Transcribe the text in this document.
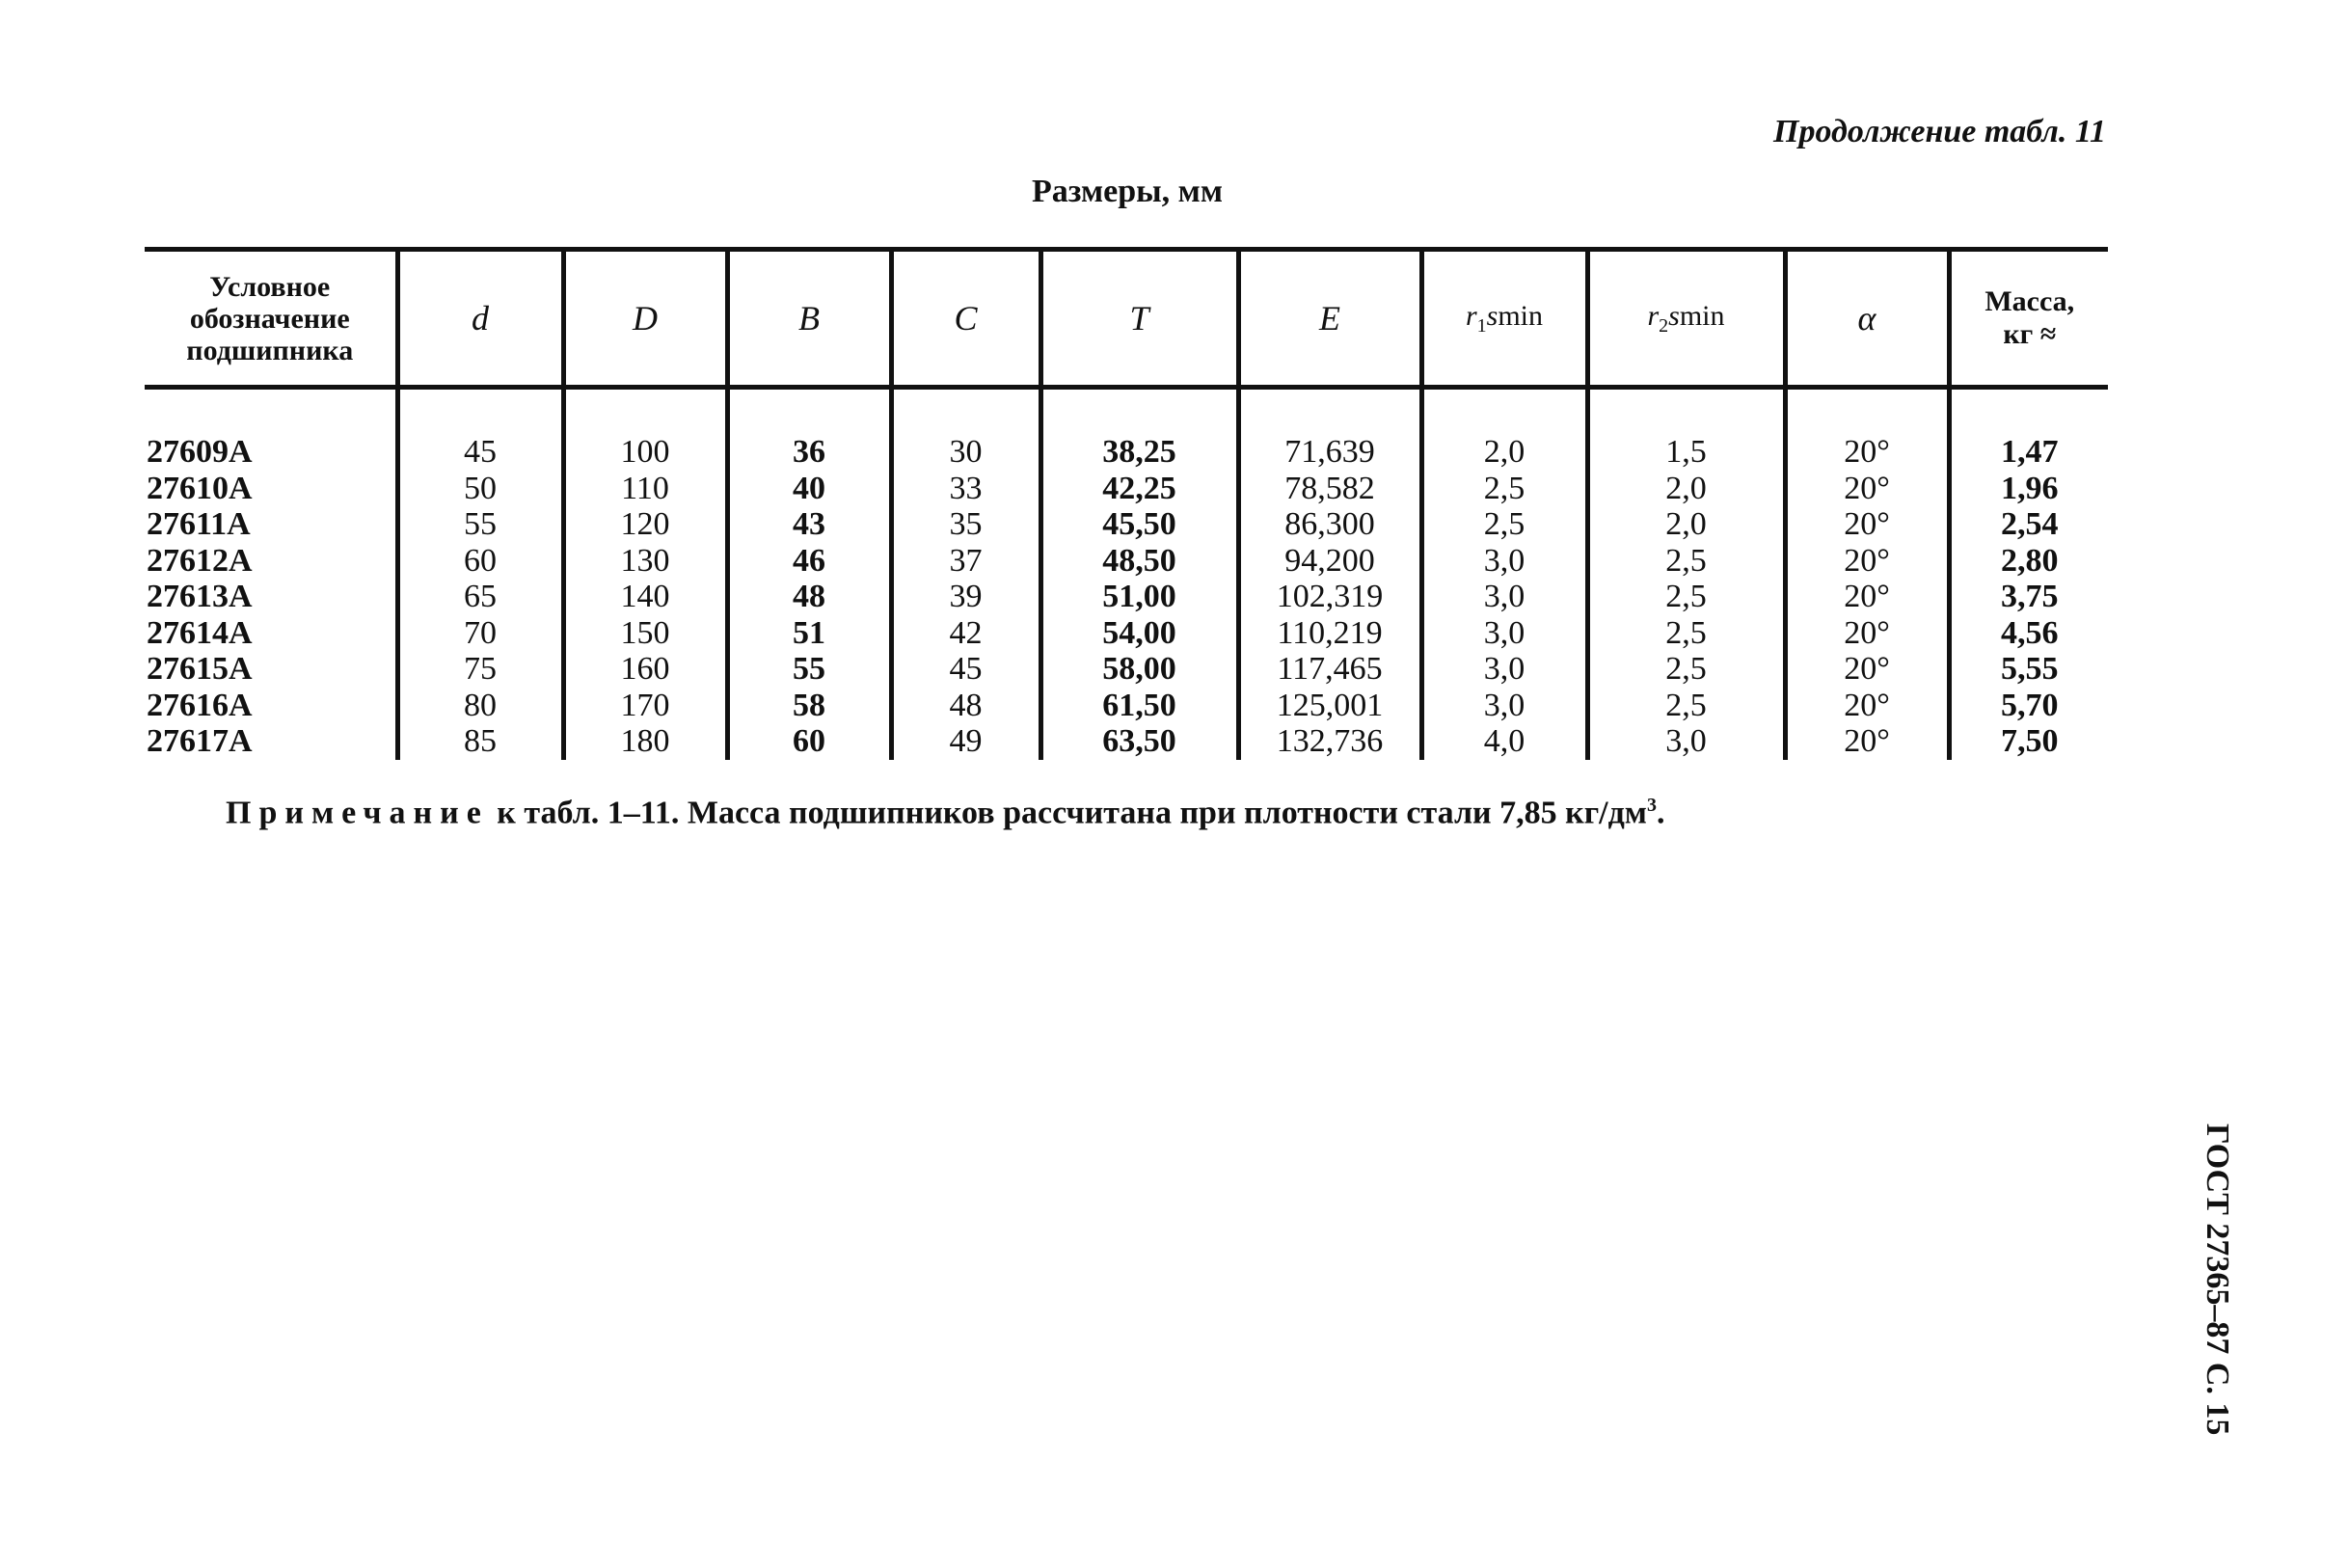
Продолжение табл. 11
Размеры, мм
Условное
обозначение
подшипника	d	D	B	C	T	E	$r_1smin$	$r_2smin$	α	Масса,
кг ≈

27609A	45	100	36	30	38,25	71,639	2,0	1,5	20°	1,47
27610A	50	110	40	33	42,25	78,582	2,5	2,0	20°	1,96
27611A	55	120	43	35	45,50	86,300	2,5	2,0	20°	2,54
27612A	60	130	46	37	48,50	94,200	3,0	2,5	20°	2,80
27613A	65	140	48	39	51,00	102,319	3,0	2,5	20°	3,75
27614A	70	150	51	42	54,00	110,219	3,0	2,5	20°	4,56
27615A	75	160	55	45	58,00	117,465	3,0	2,5	20°	5,55
27616A	80	170	58	48	61,50	125,001	3,0	2,5	20°	5,70
27617A	85	180	60	49	63,50	132,736	4,0	3,0	20°	7,50
Примечание к табл. 1–11. Масса подшипников рассчитана при плотности стали 7,85 $кг/дм^3$.
ГОСТ 27365–87 С. 15
